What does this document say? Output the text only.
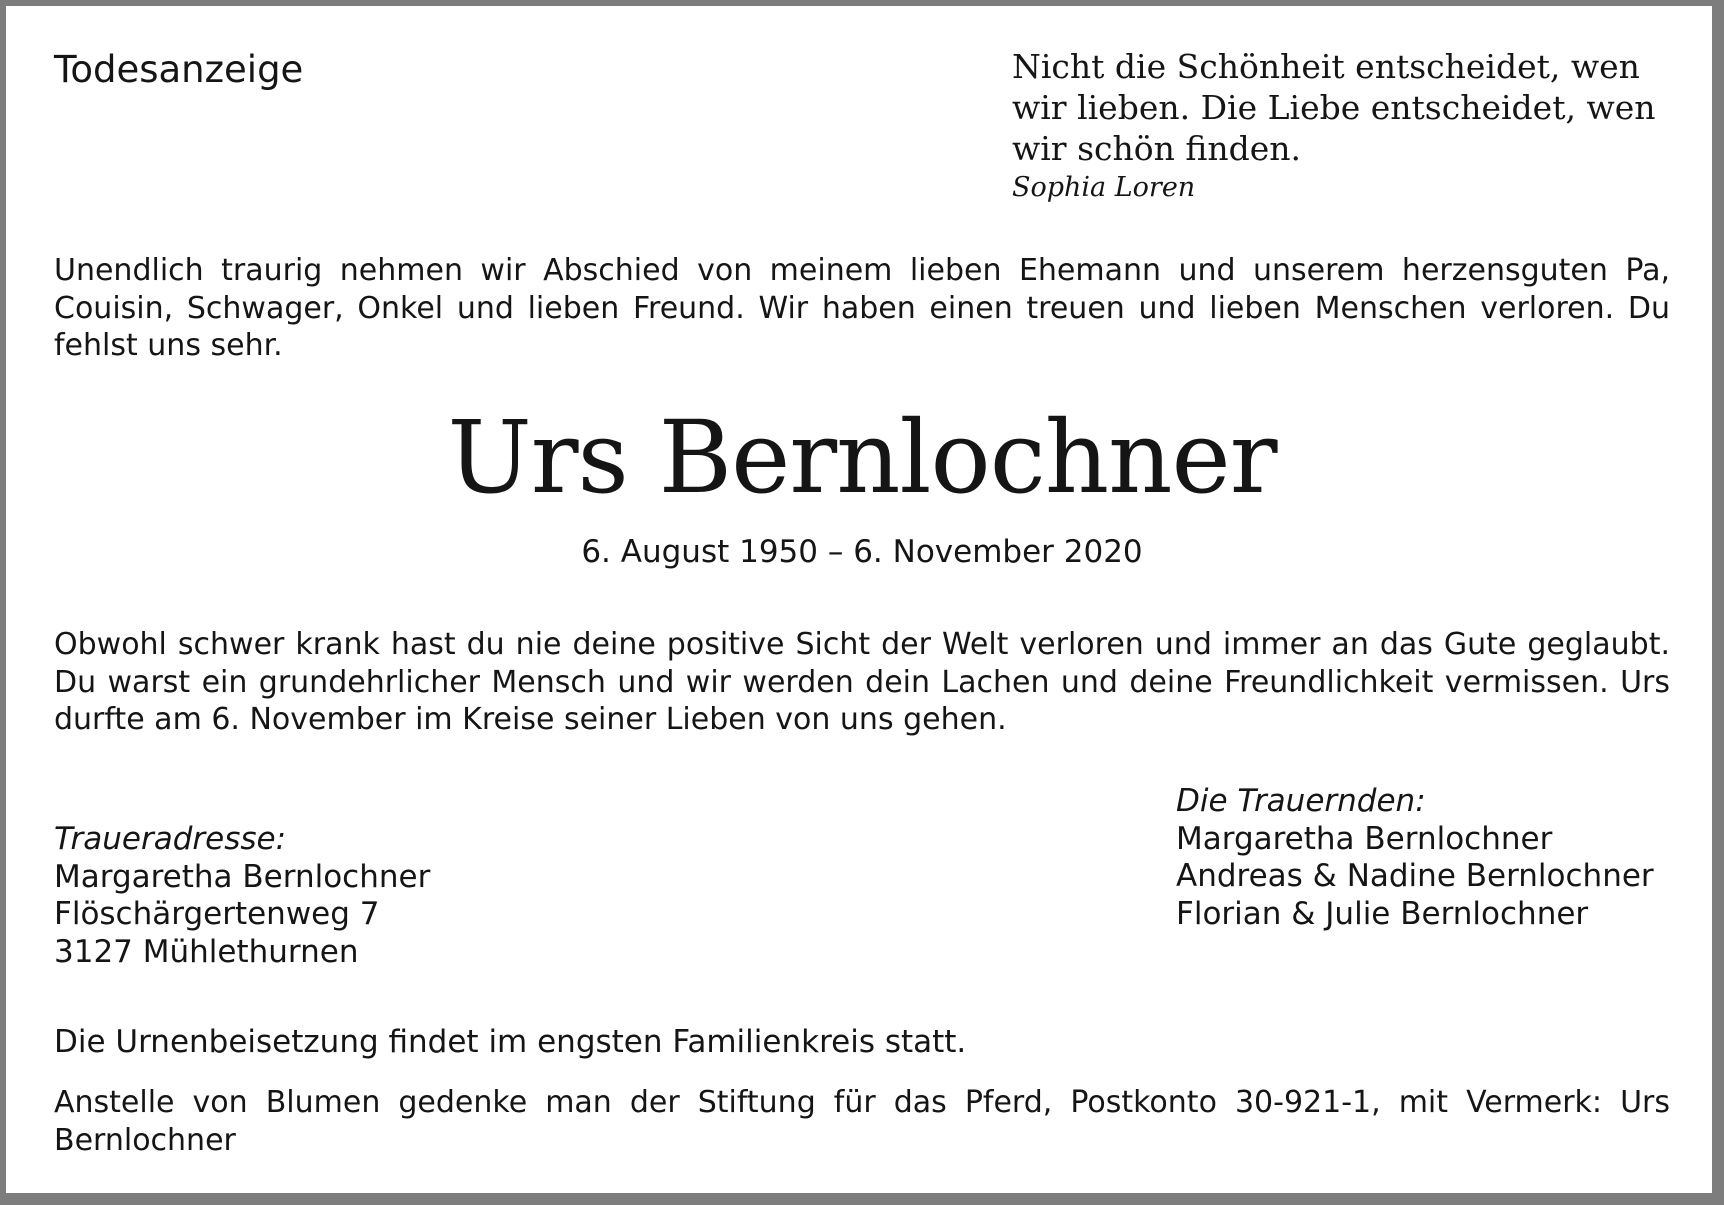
Todesanzeige	Nicht die Schönheit entscheidet, wen
wir lieben. Die Liebe entscheidet, wen
wir schön finden.
Sophia Loren
Unendlich traurig nehmen wir Abschied von meinem lieben Ehemann und unserem herzensguten Pa, Couisin, Schwager, Onkel und lieben Freund. Wir haben einen treuen und lieben Menschen verloren. Du fehlst uns sehr.
Urs Bernlochner
6. August 1950 – 6. November 2020
Obwohl schwer krank hast du nie deine positive Sicht der Welt verloren und immer an das Gute geglaubt. Du warst ein grundehrlicher Mensch und wir werden dein Lachen und deine Freundlichkeit vermissen. Urs durfte am 6. November im Kreise seiner Lieben von uns gehen.
Traueradresse:
Margaretha Bernlochner
Flöschärgertenweg 7
3127 Mühlethurnen
Die Trauernden:
Margaretha Bernlochner
Andreas & Nadine Bernlochner
Florian & Julie Bernlochner
Die Urnenbeisetzung findet im engsten Familienkreis statt.
Anstelle von Blumen gedenke man der Stiftung für das Pferd, Postkonto 30-921-1, mit Vermerk: Urs Bernlochner
